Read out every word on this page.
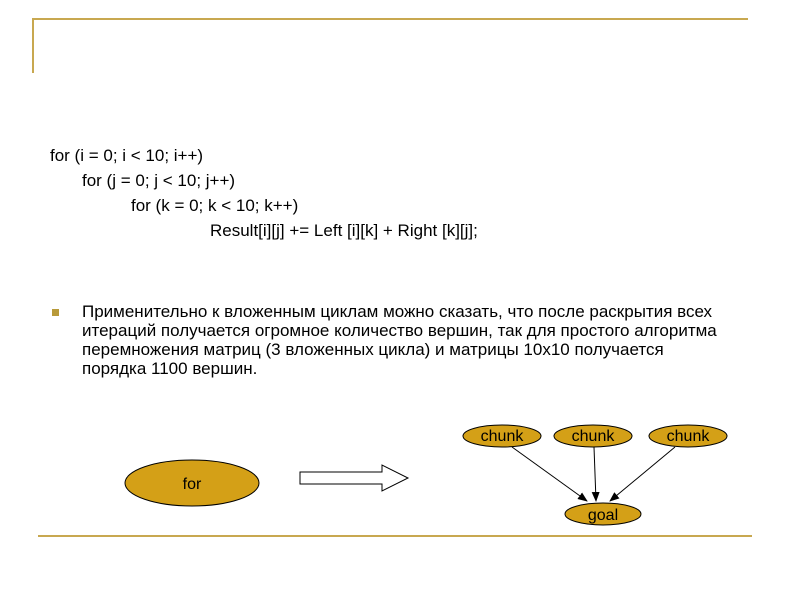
for (i = 0; i < 10; i++)
for (j = 0; j < 10; j++)
for (k = 0; k < 10; k++)
Result[i][j] += Left [i][k] + Right [k][j];
Применительно к вложенным циклам можно сказать, что после раскрытия всех итераций получается огромное количество вершин, так для простого алгоритма перемножения матриц (3 вложенных цикла) и матрицы 10х10 получается порядка 1100 вершин.
for
chunk	chunk	chunk
goal
